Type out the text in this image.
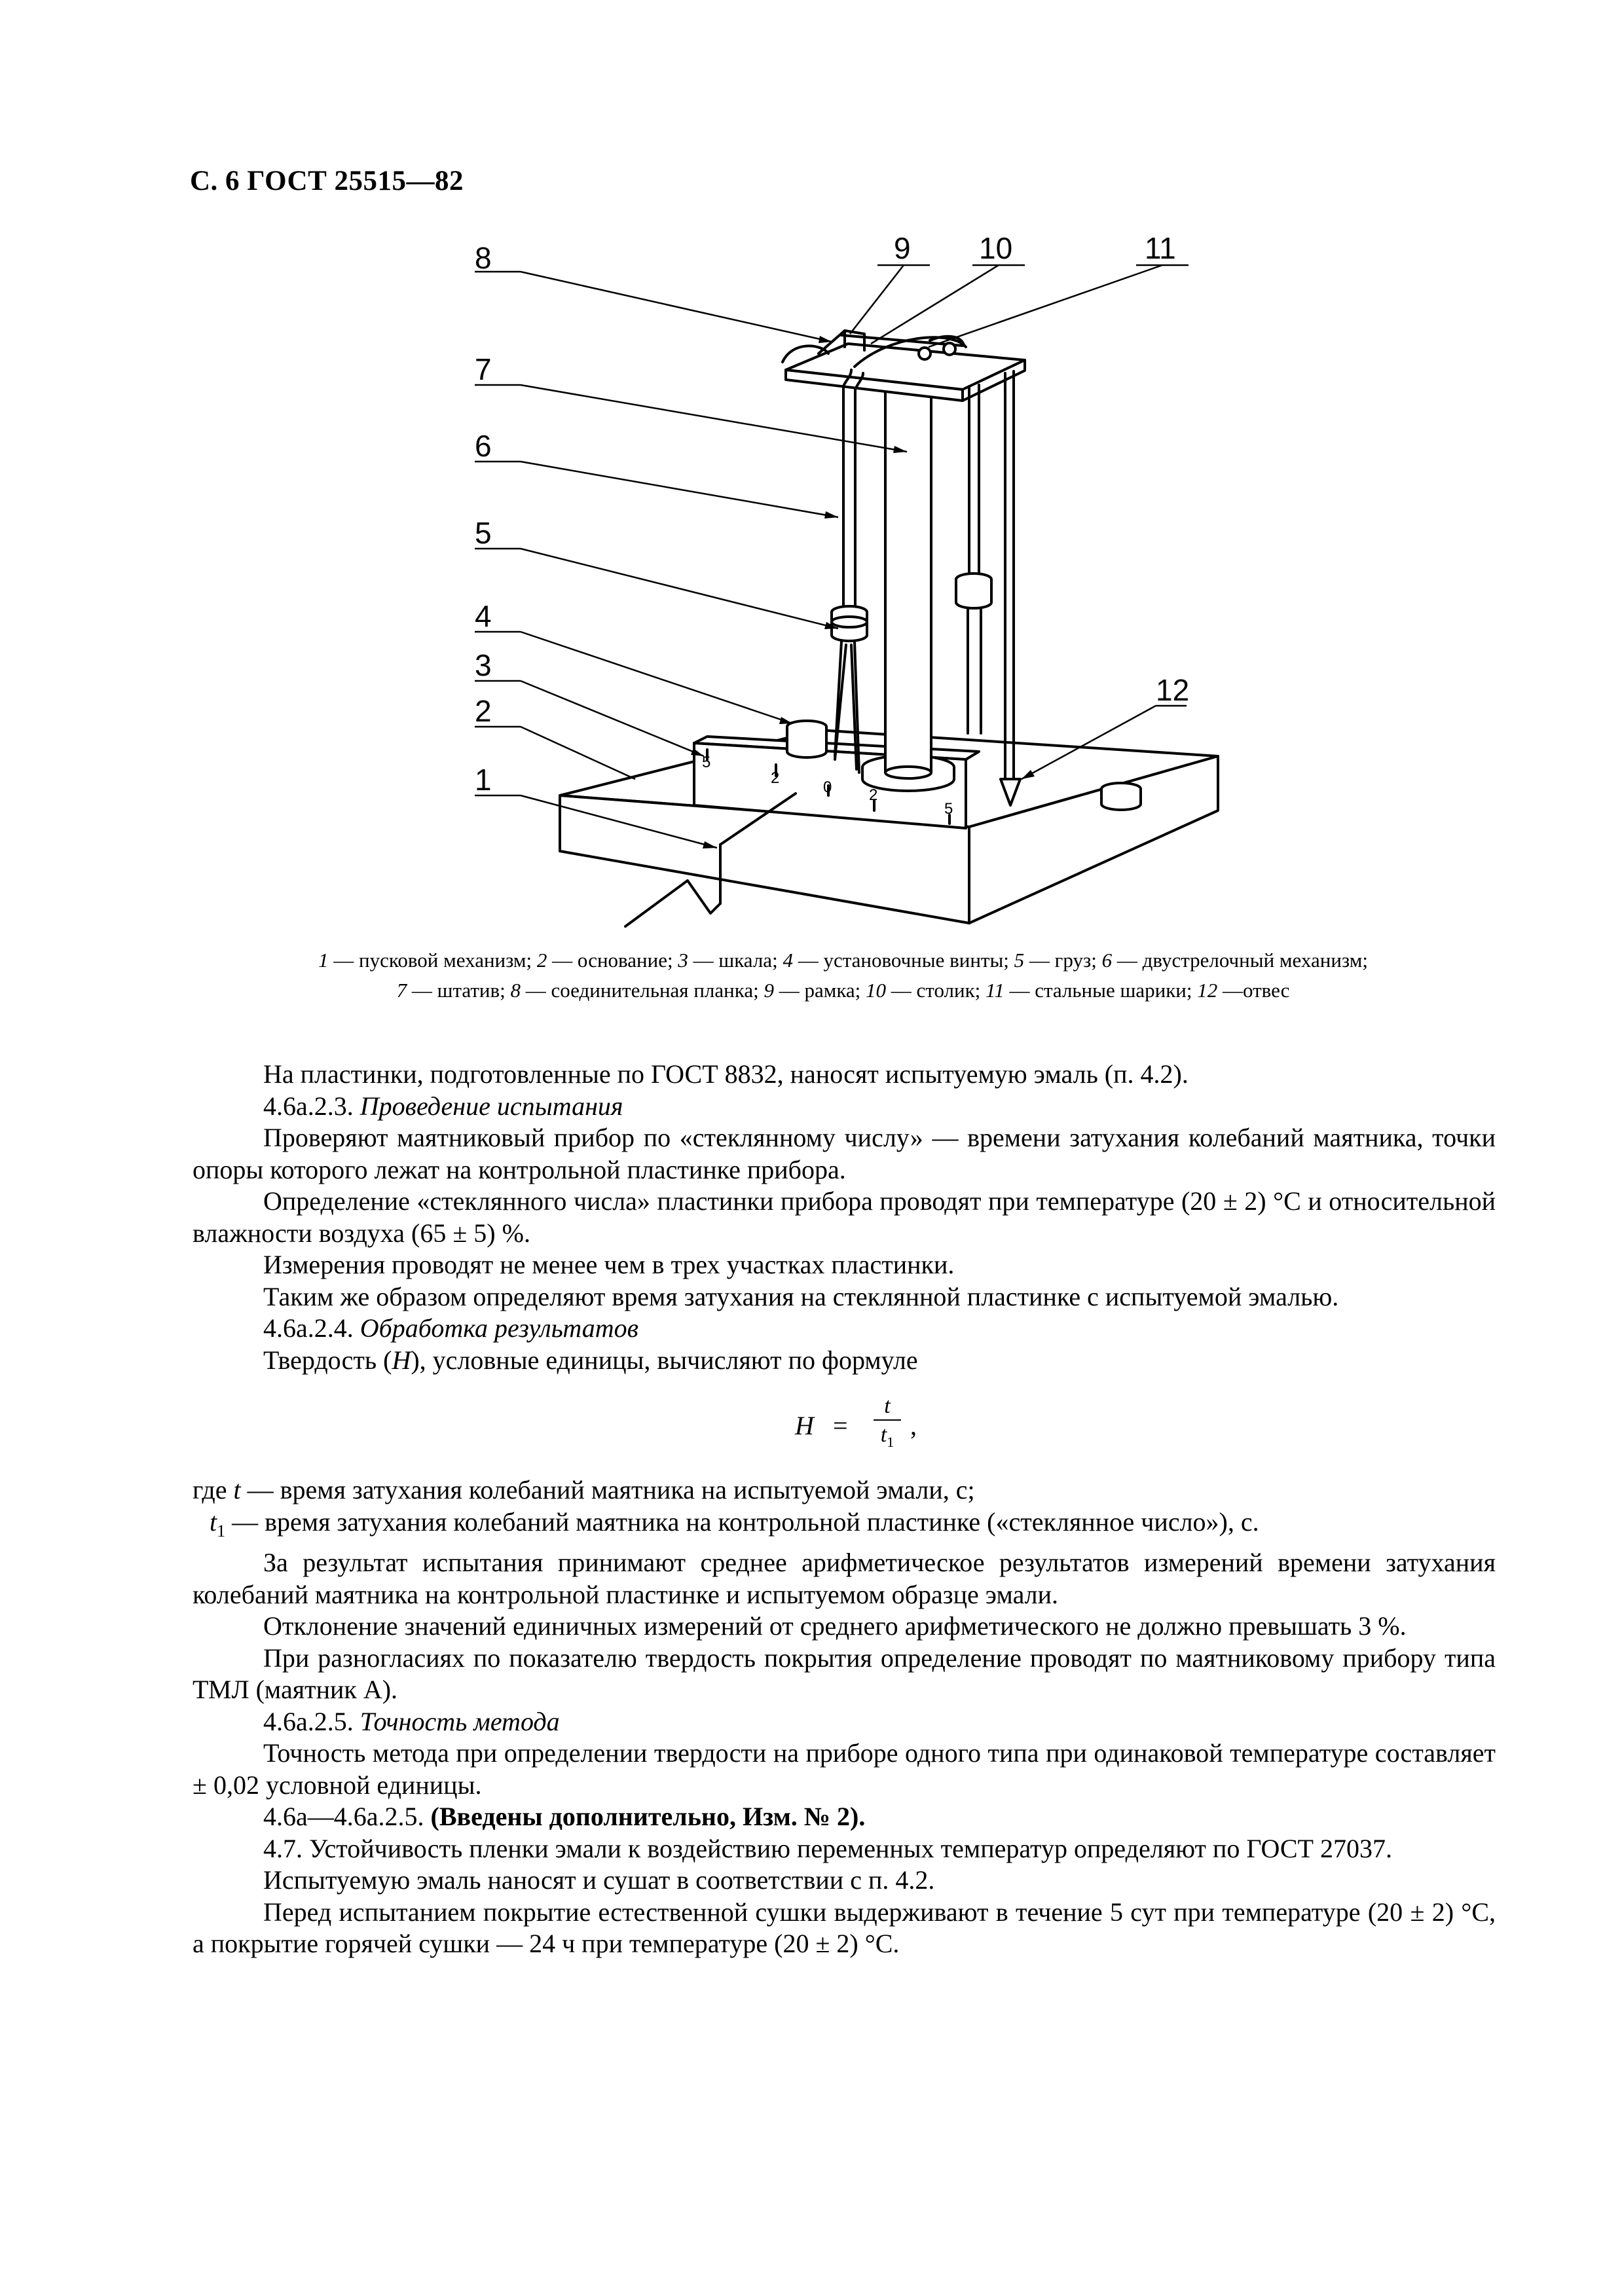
С. 6 ГОСТ 25515—82
8	9 10	11
7
6
5
4
3
2
1
12
5
2
0 2
5
1 — пусковой механизм; 2 — основание; 3 — шкала; 4 — установочные винты; 5 — груз; 6 — двустрелочный механизм;
7 — штатив; 8 — соединительная планка; 9 — рамка; 10 — столик; 11 — стальные шарики; 12 —отвес

На пластинки, подготовленные по ГОСТ 8832, наносят испытуемую эмаль (п. 4.2).

4.6а.2.3. Проведение испытания

Проверяют маятниковый прибор по «стеклянному числу» — времени затухания колебаний маятника, точки опоры которого лежат на контрольной пластинке прибора.

Определение «стеклянного числа» пластинки прибора проводят при температуре (20 ± 2) °С и относительной влажности воздуха (65 ± 5) %.

Измерения проводят не менее чем в трех участках пластинки.

Таким же образом определяют время затухания на стеклянной пластинке с испытуемой эмалью.

4.6а.2.4. Обработка результатов

Твердость (H), условные единицы, вычисляют по формуле

H =
t
$t_1$
,

где t — время затухания колебаний маятника на испытуемой эмали, с;

$t_1$ — время затухания колебаний маятника на контрольной пластинке («стеклянное число»), с.

За результат испытания принимают среднее арифметическое результатов измерений времени затухания колебаний маятника на контрольной пластинке и испытуемом образце эмали.

Отклонение значений единичных измерений от среднего арифметического не должно превышать 3 %.

При разногласиях по показателю твердость покрытия определение проводят по маятниковому прибору типа ТМЛ (маятник А).

4.6а.2.5. Точность метода

Точность метода при определении твердости на приборе одного типа при одинаковой температуре составляет ± 0,02 условной единицы.

4.6а—4.6а.2.5. (Введены дополнительно, Изм. № 2).

4.7. Устойчивость пленки эмали к воздействию переменных температур определяют по ГОСТ 27037.

Испытуемую эмаль наносят и сушат в соответствии с п. 4.2.

Перед испытанием покрытие естественной сушки выдерживают в течение 5 сут при температуре (20 ± 2) °С, а покрытие горячей сушки — 24 ч при температуре (20 ± 2) °С.
